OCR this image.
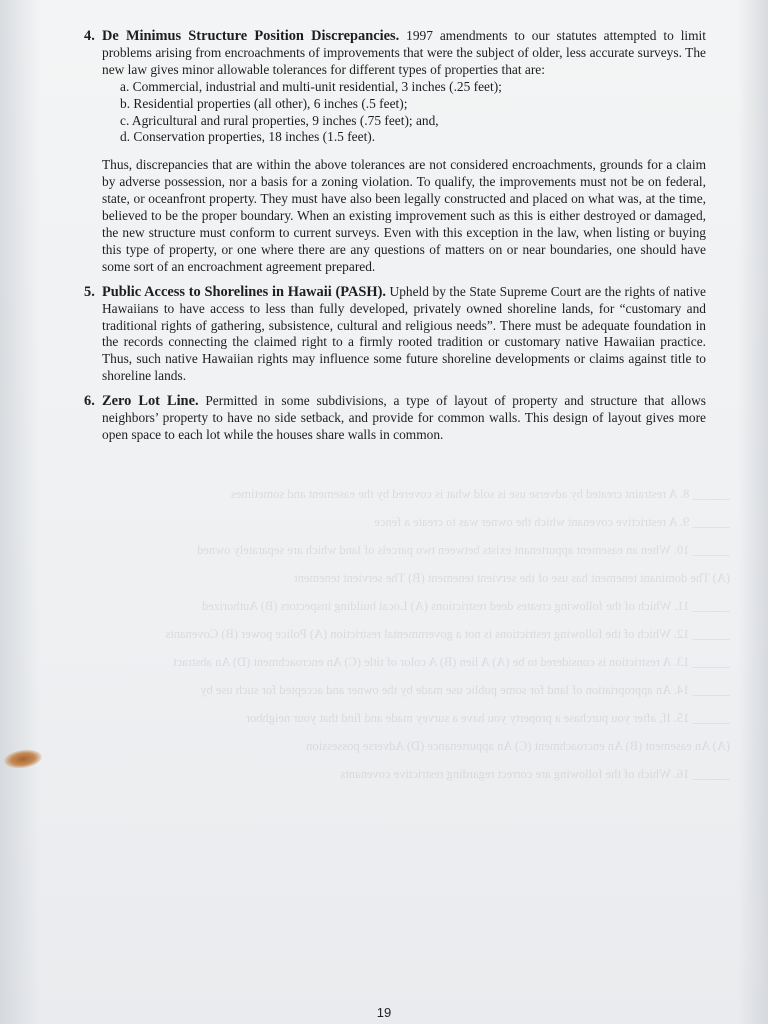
______ 8. A restraint created by adverse use is sold what is covered by the easement and sometimes
______ 9. A restrictive covenant which the owner was to create a fence
______ 10. When an easement appurtenant exists between two parcels of land which are separately owned
(A) The dominant tenement has use of the servient tenement (B) The servient tenement
______ 11. Which of the following creates deed restrictions (A) Local building inspectors (B) Authorized
______ 12. Which of the following restrictions is not a governmental restriction (A) Police power (B) Covenants
______ 13. A restriction is considered to be (A) A lien (B) A color of title (C) An encroachment (D) An abstract
______ 14. An appropriation of land for some public use made by the owner and accepted for such use by
______ 15. If, after you purchase a property you have a survey made and find that your neighbor
(A) An easement (B) An encroachment (C) An appurtenance (D) Adverse possession
______ 16. Which of the following are correct regarding restrictive covenants
4. De Minimus Structure Position Discrepancies. 1997 amendments to our statutes attempted to limit problems arising from encroachments of improvements that were the subject of older, less accurate surveys. The new law gives minor allowable tolerances for different types of properties that are:
a. Commercial, industrial and multi-unit residential, 3 inches (.25 feet);
b. Residential properties (all other), 6 inches (.5 feet);
c. Agricultural and rural properties, 9 inches (.75 feet); and,
d. Conservation properties, 18 inches (1.5 feet).
Thus, discrepancies that are within the above tolerances are not considered encroachments, grounds for a claim by adverse possession, nor a basis for a zoning violation. To qualify, the improvements must not be on federal, state, or oceanfront property. They must have also been legally constructed and placed on what was, at the time, believed to be the proper boundary. When an existing improvement such as this is either destroyed or damaged, the new structure must conform to current surveys. Even with this exception in the law, when listing or buying this type of property, or one where there are any questions of matters on or near boundaries, one should have some sort of an encroachment agreement prepared.
5. Public Access to Shorelines in Hawaii (PASH). Upheld by the State Supreme Court are the rights of native Hawaiians to have access to less than fully developed, privately owned shoreline lands, for “customary and traditional rights of gathering, subsistence, cultural and religious needs”. There must be adequate foundation in the records connecting the claimed right to a firmly rooted tradition or customary native Hawaiian practice. Thus, such native Hawaiian rights may influence some future shoreline developments or claims against title to shoreline lands.
6. Zero Lot Line. Permitted in some subdivisions, a type of layout of property and structure that allows neighbors’ property to have no side setback, and provide for common walls. This design of layout gives more open space to each lot while the houses share walls in common.
19
